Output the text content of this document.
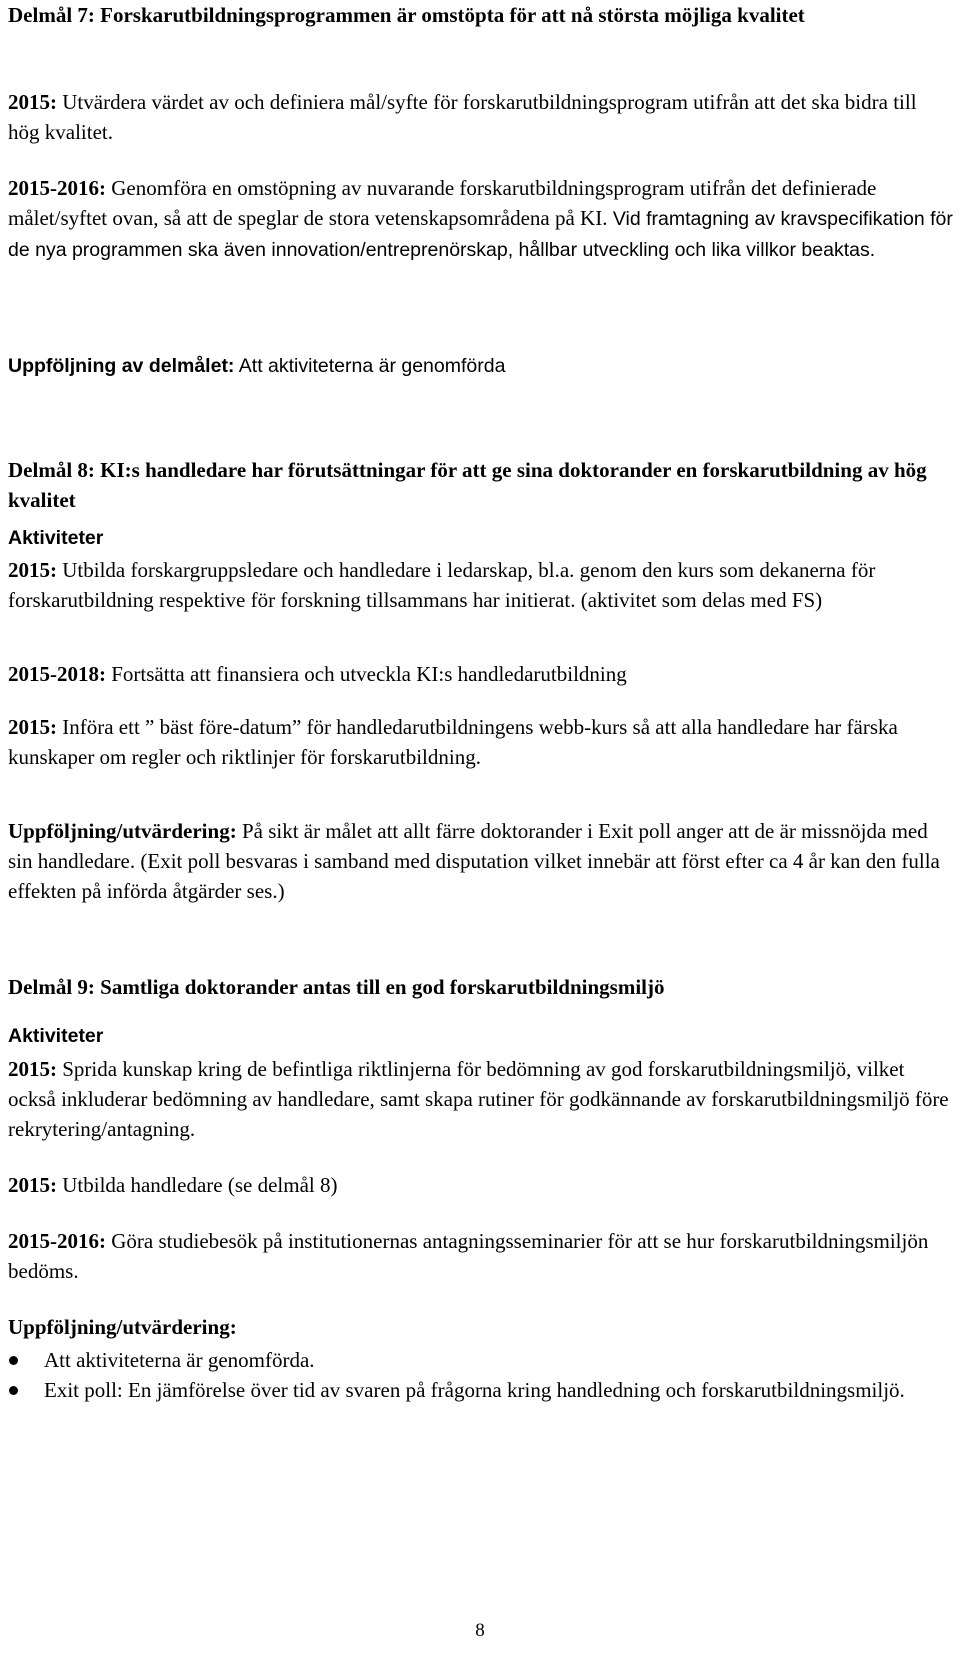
Delmål 7: Forskarutbildningsprogrammen är omstöpta för att nå största möjliga kvalitet

2015: Utvärdera värdet av och definiera mål/syfte för forskarutbildningsprogram utifrån att det ska bidra till hög kvalitet.

2015-2016: Genomföra en omstöpning av nuvarande forskarutbildningsprogram utifrån det definierade målet/syftet ovan, så att de speglar de stora vetenskapsområdena på KI. Vid framtagning av kravspecifikation för de nya programmen ska även innovation/entreprenörskap, hållbar utveckling och lika villkor beaktas.

Uppföljning av delmålet: Att aktiviteterna är genomförda

Delmål 8: KI:s handledare har förutsättningar för att ge sina doktorander en forskarutbildning av hög kvalitet

Aktiviteter

2015: Utbilda forskargruppsledare och handledare i ledarskap, bl.a. genom den kurs som dekanerna för forskarutbildning respektive för forskning tillsammans har initierat. (aktivitet som delas med FS)

2015-2018: Fortsätta att finansiera och utveckla KI:s handledarutbildning

2015: Införa ett ” bäst före-datum” för handledarutbildningens webb-kurs så att alla handledare har färska kunskaper om regler och riktlinjer för forskarutbildning.

Uppföljning/utvärdering: På sikt är målet att allt färre doktorander i Exit poll anger att de är missnöjda med sin handledare. (Exit poll besvaras i samband med disputation vilket innebär att först efter ca 4 år kan den fulla effekten på införda åtgärder ses.)

Delmål 9: Samtliga doktorander antas till en god forskarutbildningsmiljö

Aktiviteter

2015: Sprida kunskap kring de befintliga riktlinjerna för bedömning av god forskarutbildningsmiljö, vilket också inkluderar bedömning av handledare, samt skapa rutiner för godkännande av forskarutbildningsmiljö före rekrytering/antagning.

2015: Utbilda handledare (se delmål 8)

2015-2016: Göra studiebesök på institutionernas antagningsseminarier för att se hur forskarutbildningsmiljön bedöms.

Uppföljning/utvärdering:

Att aktiviteterna är genomförda.
Exit poll: En jämförelse över tid av svaren på frågorna kring handledning och forskarutbildningsmiljö.
8
